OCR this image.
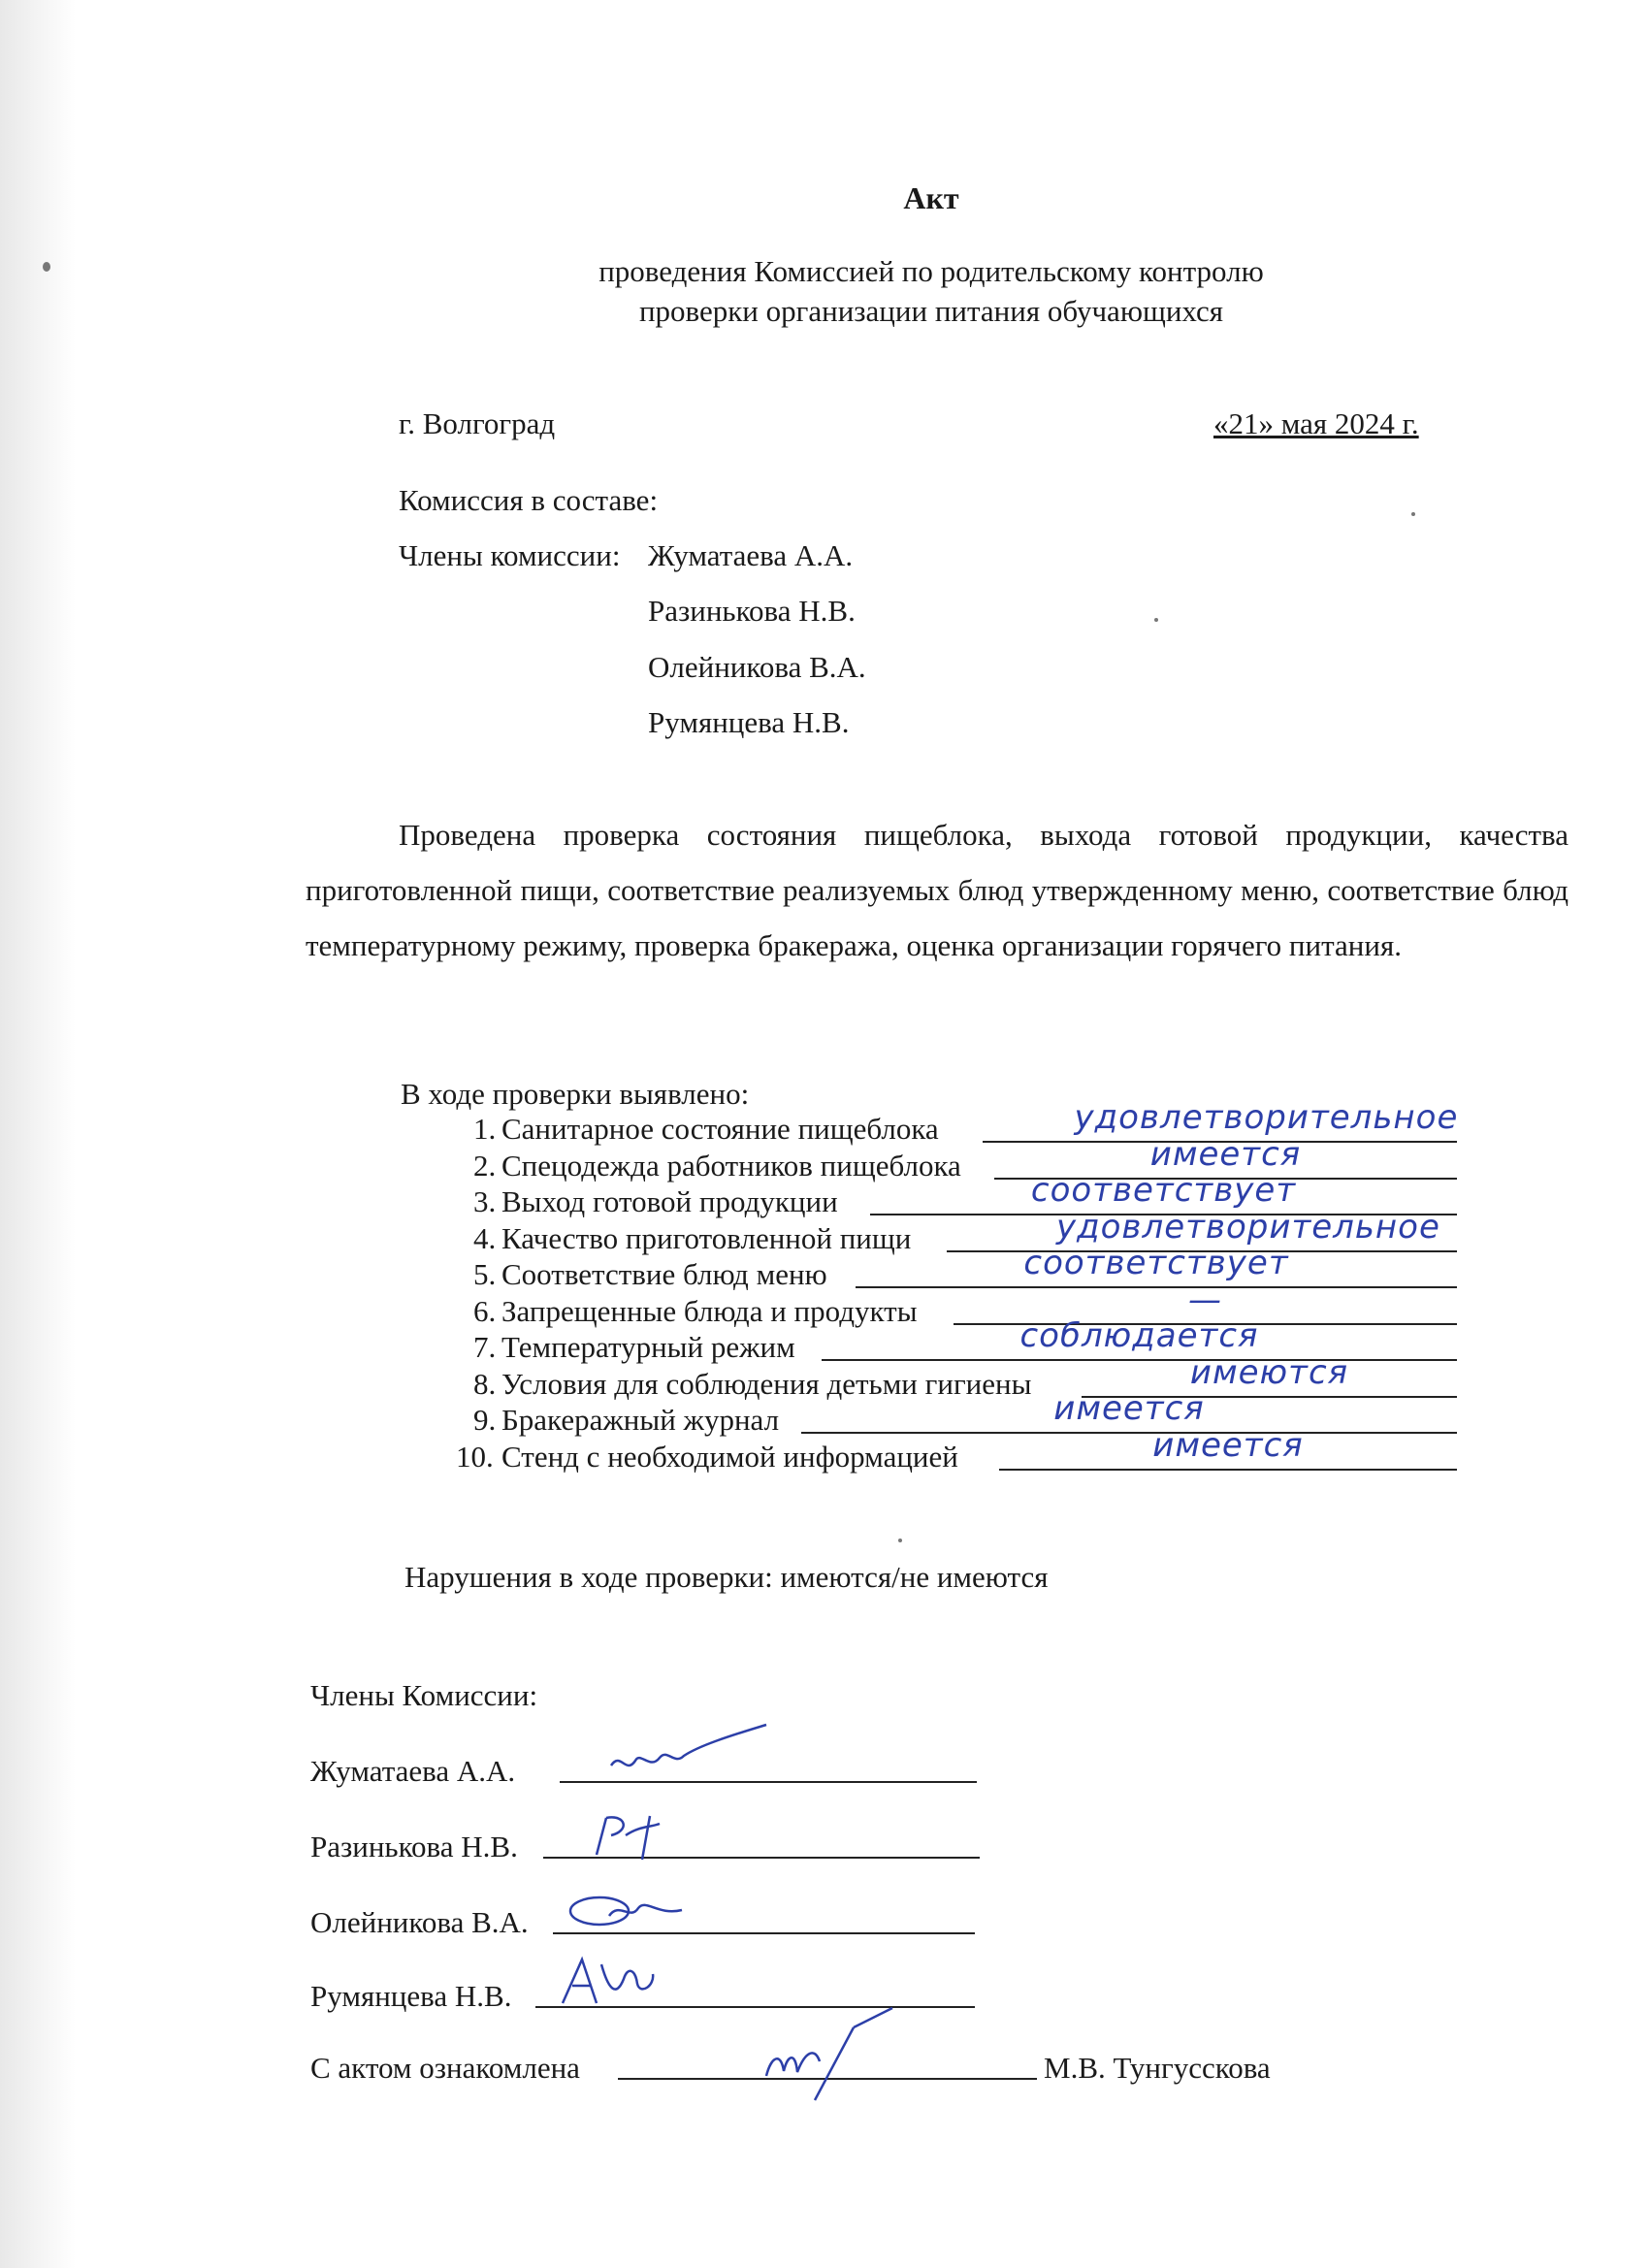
Акт
проведения Комиссией по родительскому контролю
проверки организации питания обучающихся
г. Волгоград	«21» мая 2024 г.
Комиссия в составе:
Члены комиссии: Жуматаева А.А.
Разинькова Н.В.
Олейникова В.А.
Румянцева Н.В.
Проведена проверка состояния пищеблока, выхода готовой продукции, качества приготовленной пищи, соответствие реализуемых блюд утвержденному меню, соответствие блюд температурному режиму, проверка бракеража, оценка организации горячего питания.
В ходе проверки выявлено:
1. Санитарное состояние пищеблока	удовлетворительное
2. Спецодежда работников пищеблока	имеется
3. Выход готовой продукции	соответствует
4. Качество приготовленной пищи	удовлетворительное
5. Соответствие блюд меню	соответствует
6. Запрещенные блюда и продукты	—
7. Температурный режим	соблюдается
8. Условия для соблюдения детьми гигиены	имеются
9. Бракеражный журнал	имеется
10. Стенд с необходимой информацией	имеется
Нарушения в ходе проверки: имеются/не имеются
Члены Комиссии:
Жуматаева А.А.
Разинькова Н.В.
Олейникова В.А.
Румянцева Н.В.
С актом ознакомлена	М.В. Тунгусскова
